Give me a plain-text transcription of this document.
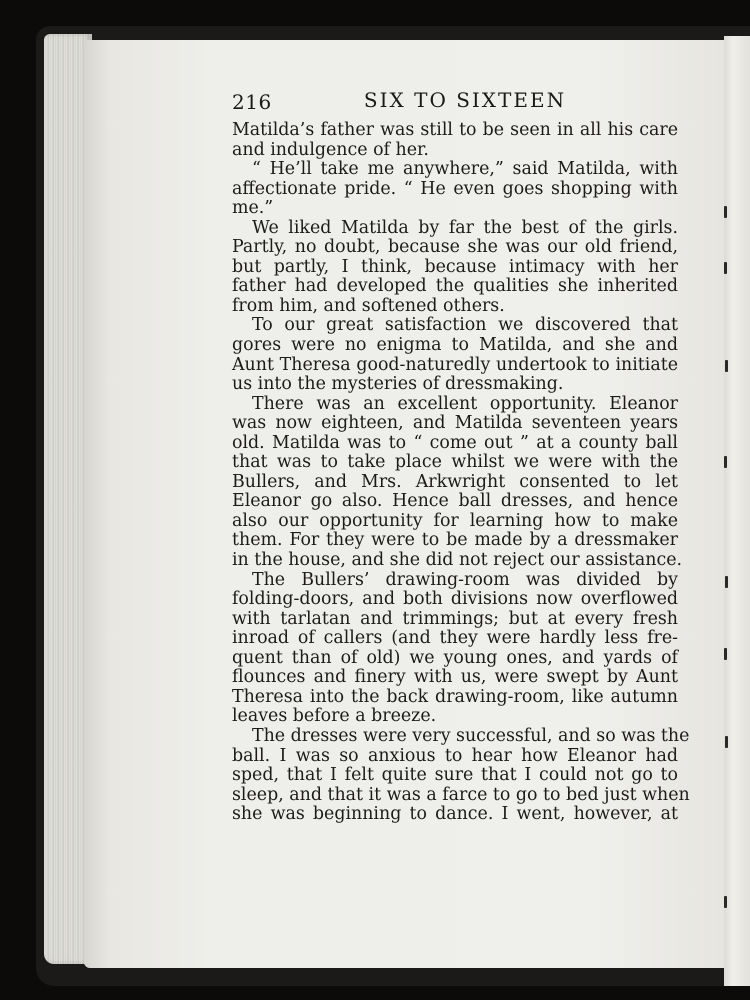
216	SIX TO SIXTEEN
Matilda’s father was still to be seen in all his care
and indulgence of her.
“ He’ll take me anywhere,” said Matilda, with
affectionate pride. “ He even goes shopping with
me.”
We liked Matilda by far the best of the girls.
Partly, no doubt, because she was our old friend,
but partly, I think, because intimacy with her
father had developed the qualities she inherited
from him, and softened others.
To our great satisfaction we discovered that
gores were no enigma to Matilda, and she and
Aunt Theresa good-naturedly undertook to initiate
us into the mysteries of dressmaking.
There was an excellent opportunity. Eleanor
was now eighteen, and Matilda seventeen years
old. Matilda was to “ come out ” at a county ball
that was to take place whilst we were with the
Bullers, and Mrs. Arkwright consented to let
Eleanor go also. Hence ball dresses, and hence
also our opportunity for learning how to make
them. For they were to be made by a dressmaker
in the house, and she did not reject our assistance.
The Bullers’ drawing-room was divided by
folding-doors, and both divisions now overflowed
with tarlatan and trimmings; but at every fresh
inroad of callers (and they were hardly less fre-
quent than of old) we young ones, and yards of
flounces and finery with us, were swept by Aunt
Theresa into the back drawing-room, like autumn
leaves before a breeze.
The dresses were very successful, and so was the
ball. I was so anxious to hear how Eleanor had
sped, that I felt quite sure that I could not go to
sleep, and that it was a farce to go to bed just when
she was beginning to dance. I went, however, at
